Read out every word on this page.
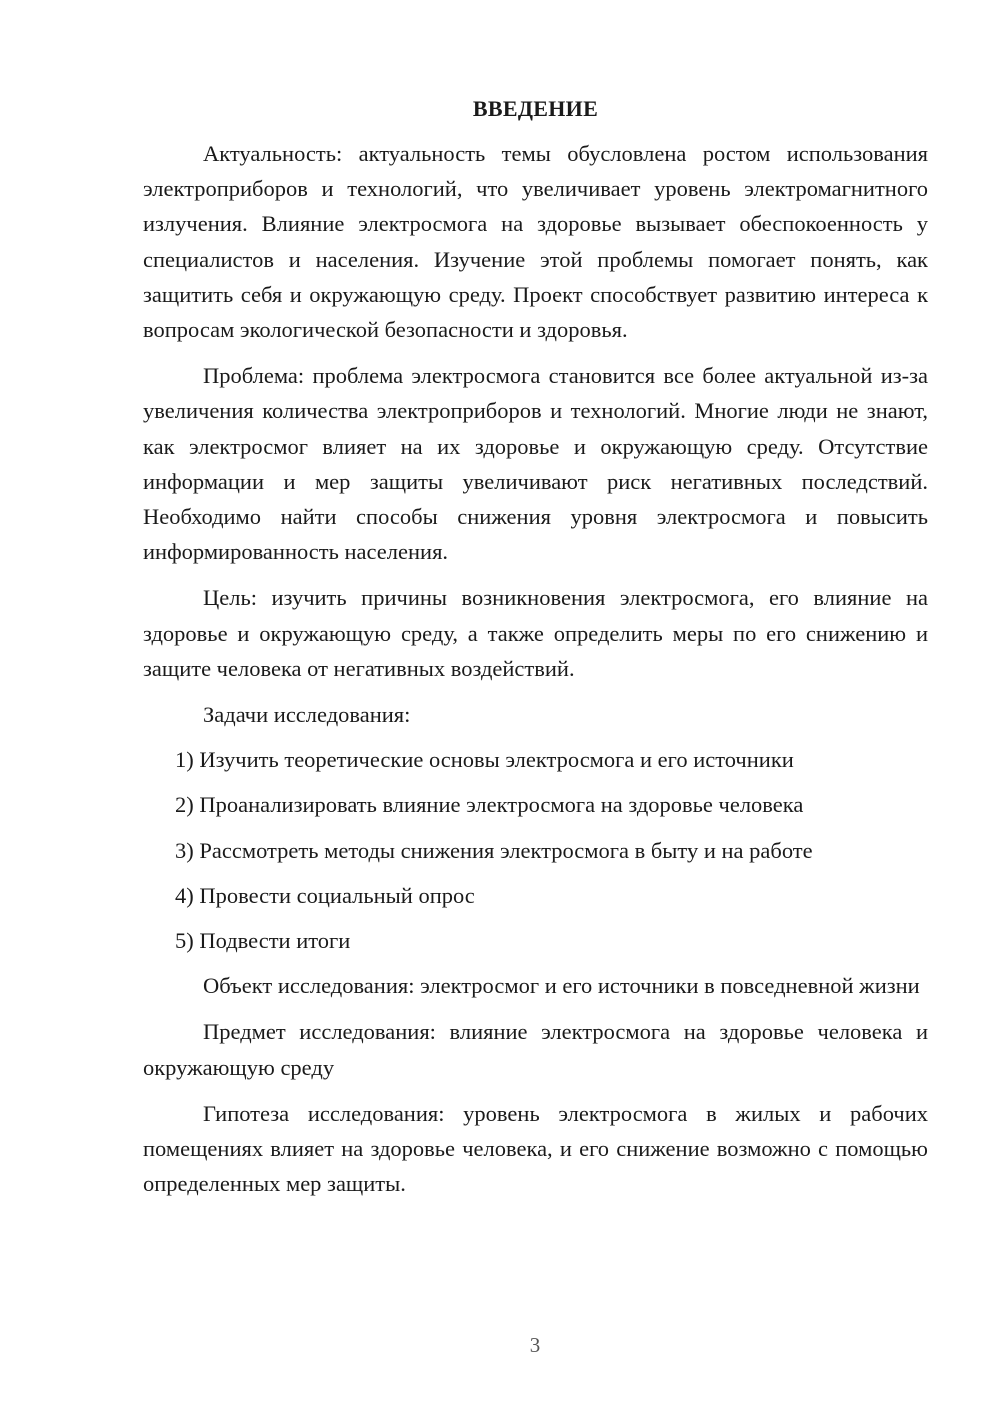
ВВЕДЕНИЕ

Актуальность: актуальность темы обусловлена ростом использования электроприборов и технологий, что увеличивает уровень электромагнитного излучения. Влияние электросмога на здоровье вызывает обеспокоенность у специалистов и населения. Изучение этой проблемы помогает понять, как защитить себя и окружающую среду. Проект способствует развитию интереса к вопросам экологической безопасности и здоровья.

Проблема: проблема электросмога становится все более актуальной из-за увеличения количества электроприборов и технологий. Многие люди не знают, как электросмог влияет на их здоровье и окружающую среду. Отсутствие информации и мер защиты увеличивают риск негативных последствий. Необходимо найти способы снижения уровня электросмога и повысить информированность населения.

Цель: изучить причины возникновения электросмога, его влияние на здоровье и окружающую среду, а также определить меры по его снижению и защите человека от негативных воздействий.

Задачи исследования:

1) Изучить теоретические основы электросмога и его источники

2) Проанализировать влияние электросмога на здоровье человека

3) Рассмотреть методы снижения электросмога в быту и на работе

4) Провести социальный опрос

5) Подвести итоги

Объект исследования: электросмог и его источники в повседневной жизни

Предмет исследования: влияние электросмога на здоровье человека и окружающую среду

Гипотеза исследования: уровень электросмога в жилых и рабочих помещениях влияет на здоровье человека, и его снижение возможно с помощью определенных мер защиты.

3
